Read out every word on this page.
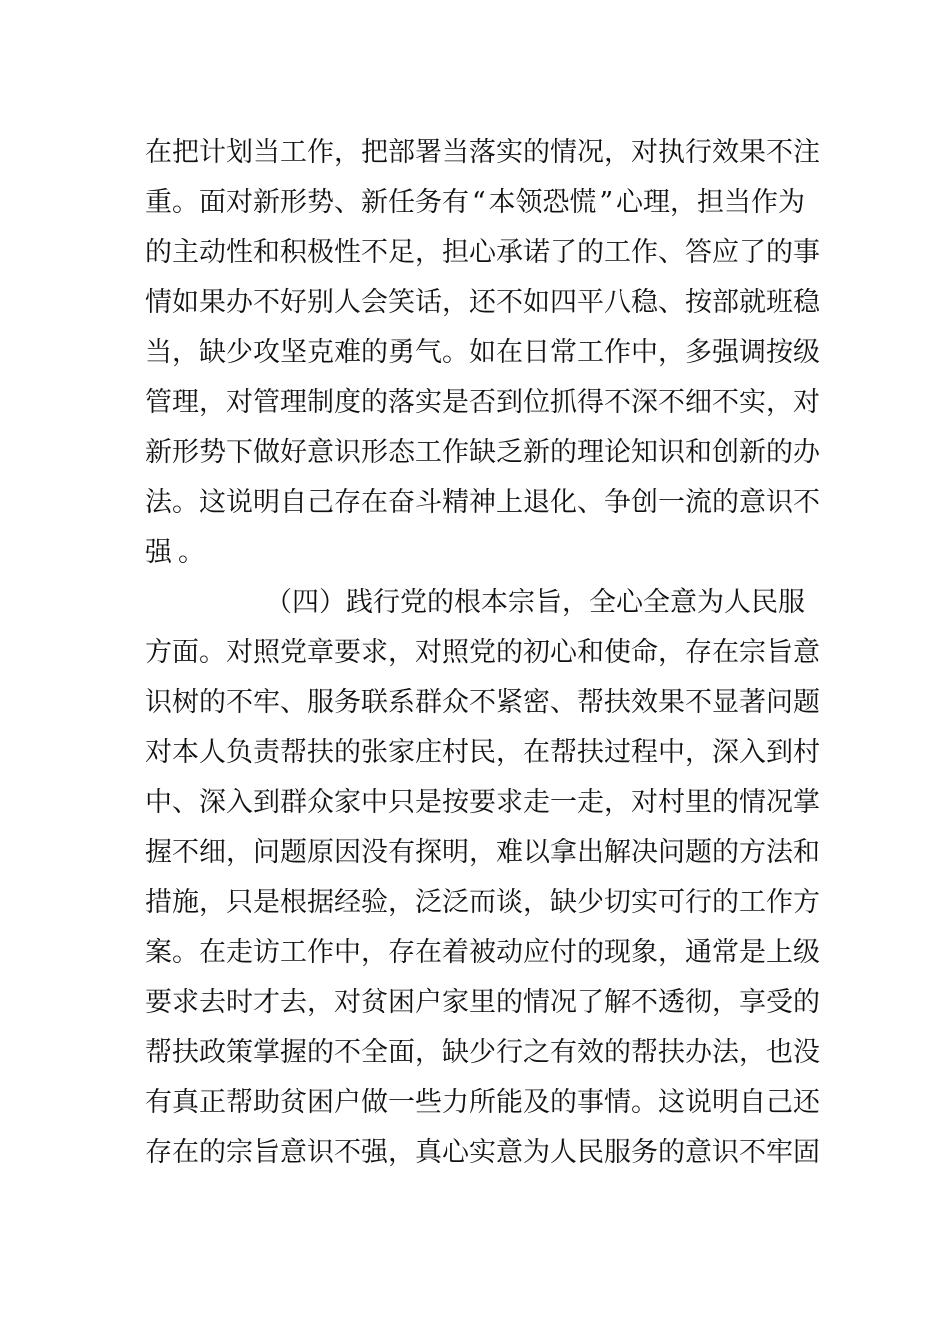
在 把 计 划 当 工 作 ， 把 部 署 当 落 实 的 情 况 ， 对 执 行 效 果 不 注
重 。 面 对 新 形 势 、 新 任 务 有 “ 本 领 恐 慌 ” 心 理 ， 担 当 作 为
的 主 动 性 和 积 极 性 不 足 ， 担 心 承 诺 了 的 工 作 、 答 应 了 的 事
情 如 果 办 不 好 别 人 会 笑 话 ， 还 不 如 四 平 八 稳 、 按 部 就 班 稳
当 ， 缺 少 攻 坚 克 难 的 勇 气 。 如 在 日 常 工 作 中 ， 多 强 调 按 级
管 理 ， 对 管 理 制 度 的 落 实 是 否 到 位 抓 得 不 深 不 细 不 实 ， 对
新 形 势 下 做 好 意 识 形 态 工 作 缺 乏 新 的 理 论 知 识 和 创 新 的 办
法 。 这 说 明 自 己 存 在 奋 斗 精 神 上 退 化 、 争 创 一 流 的 意 识 不
强。
（四）践行党的根本宗旨，全心全意为人民服
方 面 。 对 照 党 章 要 求 ， 对 照 党 的 初 心 和 使 命 ， 存 在 宗 旨 意
识 树 的 不 牢 、 服 务 联 系 群 众 不 紧 密 、 帮 扶 效 果 不 显 著 问 题
对 本 人 负 责 帮 扶 的 张 家 庄 村 民 ， 在 帮 扶 过 程 中 ， 深 入 到 村
中 、 深 入 到 群 众 家 中 只 是 按 要 求 走 一 走 ， 对 村 里 的 情 况 掌
握 不 细 ， 问 题 原 因 没 有 探 明 ， 难 以 拿 出 解 决 问 题 的 方 法 和
措 施 ， 只 是 根 据 经 验 ， 泛 泛 而 谈 ， 缺 少 切 实 可 行 的 工 作 方
案 。 在 走 访 工 作 中 ， 存 在 着 被 动 应 付 的 现 象 ， 通 常 是 上 级
要 求 去 时 才 去 ， 对 贫 困 户 家 里 的 情 况 了 解 不 透 彻 ， 享 受 的
帮 扶 政 策 掌 握 的 不 全 面 ， 缺 少 行 之 有 效 的 帮 扶 办 法 ， 也 没
有 真 正 帮 助 贫 困 户 做 一 些 力 所 能 及 的 事 情 。 这 说 明 自 己 还
存 在 的 宗 旨 意 识 不 强 ， 真 心 实 意 为 人 民 服 务 的 意 识 不 牢 固
